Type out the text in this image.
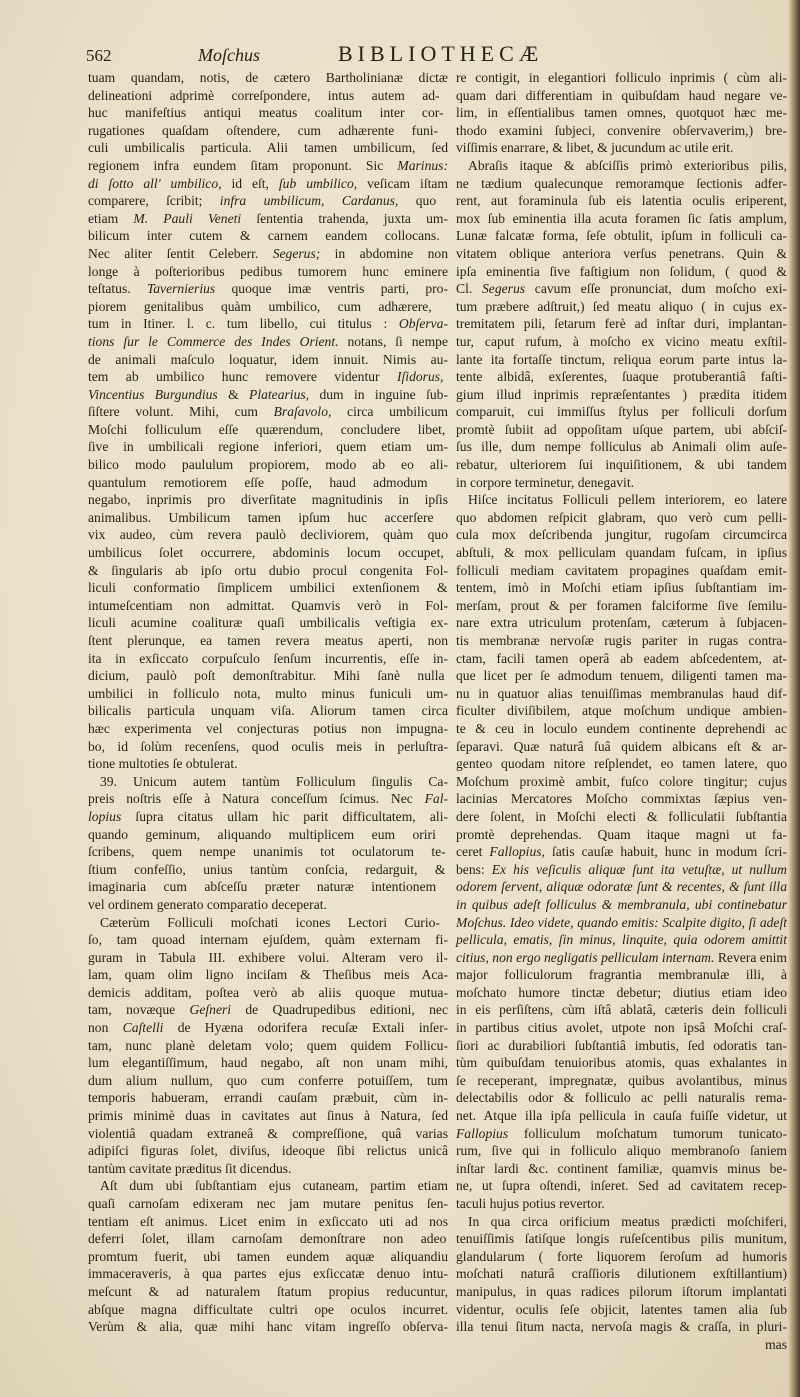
562	Moſchus	BIBLIOTHECÆ
tuam quandam, notis, de cætero Bartholinianæ dictæ
delineationi adprimè correſpondere, intus autem ad-
huc manifeſtius antiqui meatus coalitum inter cor-
rugationes quaſdam oſtendere, cum adhærente funi-
culi umbilicalis particula. Alii tamen umbilicum, ſed
regionem infra eundem ſitam proponunt. Sic Marinus:
di ſotto all' umbilico, id eſt, ſub umbilico, veſicam iſtam
comparere, ſcribit; infra umbilicum, Cardanus, quo
etiam M. Pauli Veneti ſententia trahenda, juxta um-
bilicum inter cutem & carnem eandem collocans.
Nec aliter ſentit Celeberr. Segerus; in abdomine non
longe à poſterioribus pedibus tumorem hunc eminere
teſtatus. Tavernierius quoque imæ ventris parti, pro-
piorem genitalibus quàm umbilico, cum adhærere,
tum in Itiner. l. c. tum libello, cui titulus : Obſerva-
tions ſur le Commerce des Indes Orient. notans, ſi nempe
de animali maſculo loquatur, idem innuit. Nimis au-
tem ab umbilico hunc removere videntur Iſidorus,
Vincentius Burgundius & Platearius, dum in inguine ſub-
ſiſtere volunt. Mihi, cum Braſavolo, circa umbilicum
Moſchi folliculum eſſe quærendum, concludere libet,
ſive in umbilicali regione inferiori, quem etiam um-
bilico modo paululum propiorem, modo ab eo ali-
quantulum remotiorem eſſe poſſe, haud admodum
negabo, inprimis pro diverſitate magnitudinis in ipſis
animalibus. Umbilicum tamen ipſum huc accerſere
vix audeo, cùm revera paulò decliviorem, quàm quo
umbilicus ſolet occurrere, abdominis locum occupet,
& ſingularis ab ipſo ortu dubio procul congenita Fol-
liculi conformatio ſimplicem umbilici extenſionem &
intumeſcentiam non admittat. Quamvis verò in Fol-
liculi acumine coalituræ quaſi umbilicalis veſtigia ex-
ſtent plerunque, ea tamen revera meatus aperti, non
ita in exſiccato corpuſculo ſenſum incurrentis, eſſe in-
dicium, paulò poſt demonſtrabitur. Mihi ſanè nulla
umbilici in folliculo nota, multo minus funiculi um-
bilicalis particula unquam viſa. Aliorum tamen circa
hæc experimenta vel conjecturas potius non impugna-
bo, id ſolùm recenſens, quod oculis meis in perluſtra-
tione multoties ſe obtulerat.
39. Unicum autem tantùm Folliculum ſingulis Ca-
preis noſtris eſſe à Natura conceſſum ſcimus. Nec Fal-
lopius ſupra citatus ullam hic parit difficultatem, ali-
quando geminum, aliquando multiplicem eum oriri
ſcribens, quem nempe unanimis tot oculatorum te-
ſtium confeſſio, unius tantùm conſcia, redarguit, &
imaginaria cum abſceſſu præter naturæ intentionem
vel ordinem generato comparatio deceperat.
Cæterùm Folliculi moſchati icones Lectori Curio-
ſo, tam quoad internam ejuſdem, quàm externam fi-
guram in Tabula III. exhibere volui. Alteram vero il-
lam, quam olim ligno inciſam & Theſibus meis Aca-
demicis additam, poſtea verò ab aliis quoque mutua-
tam, novæque Geſneri de Quadrupedibus editioni, nec
non Caſtelli de Hyæna odorifera recuſæ Extali inſer-
tam, nunc planè deletam volo; quem quidem Follicu-
lum elegantiſſimum, haud negabo, aſt non unam mihi,
dum alium nullum, quo cum conferre potuiſſem, tum
temporis habueram, errandi cauſam præbuit, cùm in-
primis minimè duas in cavitates aut ſinus à Natura, ſed
violentiâ quadam extraneâ & compreſſione, quâ varias
adipiſci figuras ſolet, diviſus, ideoque ſibi relictus unicâ
tantùm cavitate præditus ſit dicendus.
Aſt dum ubi ſubſtantiam ejus cutaneam, partim etiam
quaſi carnoſam edixeram nec jam mutare penitus ſen-
tentiam eſt animus. Licet enim in exſiccato uti ad nos
deferri ſolet, illam carnoſam demonſtrare non adeo
promtum fuerit, ubi tamen eundem aquæ aliquandiu
immaceraveris, à qua partes ejus exſiccatæ denuo intu-
meſcunt & ad naturalem ſtatum propius reducuntur,
abſque magna difficultate cultri ope oculos incurret.
Verùm & alia, quæ mihi hanc vitam ingreſſo obſerva-
re contigit, in elegantiori folliculo inprimis ( cùm ali-
quam dari differentiam in quibuſdam haud negare ve-
lim, in eſſentialibus tamen omnes, quotquot hæc me-
thodo examini ſubjeci, convenire obſervaverim,) bre-
viſſimis enarrare, & libet, & jucundum ac utile erit.
Abraſis itaque & abſciſſis primò exterioribus pilis,
ne tædium qualecunque remoramque ſectionis adfer-
rent, aut foraminula ſub eis latentia oculis eriperent,
mox ſub eminentia illa acuta foramen ſic ſatis amplum,
Lunæ falcatæ forma, ſeſe obtulit, ipſum in folliculi ca-
vitatem oblique anteriora verſus penetrans. Quin &
ipſa eminentia ſive faſtigium non ſolidum, ( quod &
Cl. Segerus cavum eſſe pronunciat, dum moſcho exi-
tum præbere adſtruit,) ſed meatu aliquo ( in cujus ex-
tremitatem pili, ſetarum ferè ad inſtar duri, implantan-
tur, caput rufum, à moſcho ex vicino meatu exſtil-
lante ita fortaſſe tinctum, reliqua eorum parte intus la-
tente albidâ, exſerentes, ſuaque protuberantiâ faſti-
gium illud inprimis repræſentantes ) prædita itidem
comparuit, cui immiſſus ſtylus per folliculi dorſum
promtè ſubiit ad oppoſitam uſque partem, ubi abſciſ-
ſus ille, dum nempe folliculus ab Animali olim auſe-
rebatur, ulteriorem ſui inquiſitionem, & ubi tandem
in corpore terminetur, denegavit.
Hiſce incitatus Folliculi pellem interiorem, eo latere
quo abdomen reſpicit glabram, quo verò cum pelli-
cula mox deſcribenda jungitur, rugoſam circumcirca
abſtuli, & mox pelliculam quandam fuſcam, in ipſius
folliculi mediam cavitatem propagines quaſdam emit-
tentem, imò in Moſchi etiam ipſius ſubſtantiam im-
merſam, prout & per foramen falciforme ſive ſemilu-
nare extra utriculum protenſam, cæterum à ſubjacen-
tis membranæ nervoſæ rugis pariter in rugas contra-
ctam, facili tamen operâ ab eadem abſcedentem, at-
que licet per ſe admodum tenuem, diligenti tamen ma-
nu in quatuor alias tenuiſſimas membranulas haud dif-
ficulter diviſibilem, atque moſchum undique ambien-
te & ceu in loculo eundem continente deprehendi ac
ſeparavi. Quæ naturâ ſuâ quidem albicans eſt & ar-
genteo quodam nitore reſplendet, eo tamen latere, quo
Moſchum proximè ambit, fuſco colore tingitur; cujus
lacinias Mercatores Moſcho commixtas ſæpius ven-
dere ſolent, in Moſchi electi & folliculatii ſubſtantia
promtè deprehendas. Quam itaque magni ut fa-
ceret Fallopius, ſatis cauſæ habuit, hunc in modum ſcri-
bens: Ex his veſiculis aliquæ ſunt ita vetuſtæ, ut nullum
odorem ſervent, aliquæ odoratæ ſunt & recentes, & ſunt illa
in quibus adeſt folliculus & membranula, ubi continebatur
Moſchus. Ideo videte, quando emitis: Scalpite digito, ſi adeſt
pellicula, ematis, ſin minus, linquite, quia odorem amittit
citius, non ergo negligatis pelliculam internam. Revera enim
major folliculorum fragrantia membranulæ illi, à
moſchato humore tinctæ debetur; diutius etiam ideo
in eis perſiſtens, cùm iſtâ ablatâ, cæteris dein folliculi
in partibus citius avolet, utpote non ipsâ Moſchi craſ-
ſiori ac durabiliori ſubſtantiâ imbutis, ſed odoratis tan-
tùm quibuſdam tenuioribus atomis, quas exhalantes in
ſe receperant, impregnatæ, quibus avolantibus, minus
delectabilis odor & folliculo ac pelli naturalis rema-
net. Atque illa ipſa pellicula in cauſa fuiſſe videtur, ut
Fallopius folliculum moſchatum tumorum tunicato-
rum, ſive qui in folliculo aliquo membranoſo ſaniem
inſtar lardi &c. continent familiæ, quamvis minus be-
ne, ut ſupra oſtendi, inſeret. Sed ad cavitatem recep-
taculi hujus potius revertor.
In qua circa orificium meatus prædicti moſchiferi,
tenuiſſimis ſatiſque longis ruſeſcentibus pilis munitum,
glandularum ( forte liquorem ſeroſum ad humoris
moſchati naturâ craſſioris dilutionem exſtillantium)
manipulus, in quas radices pilorum iſtorum implantati
videntur, oculis ſeſe objicit, latentes tamen alia ſub
illa tenui ſitum nacta, nervoſa magis & craſſa, in pluri-
mas
